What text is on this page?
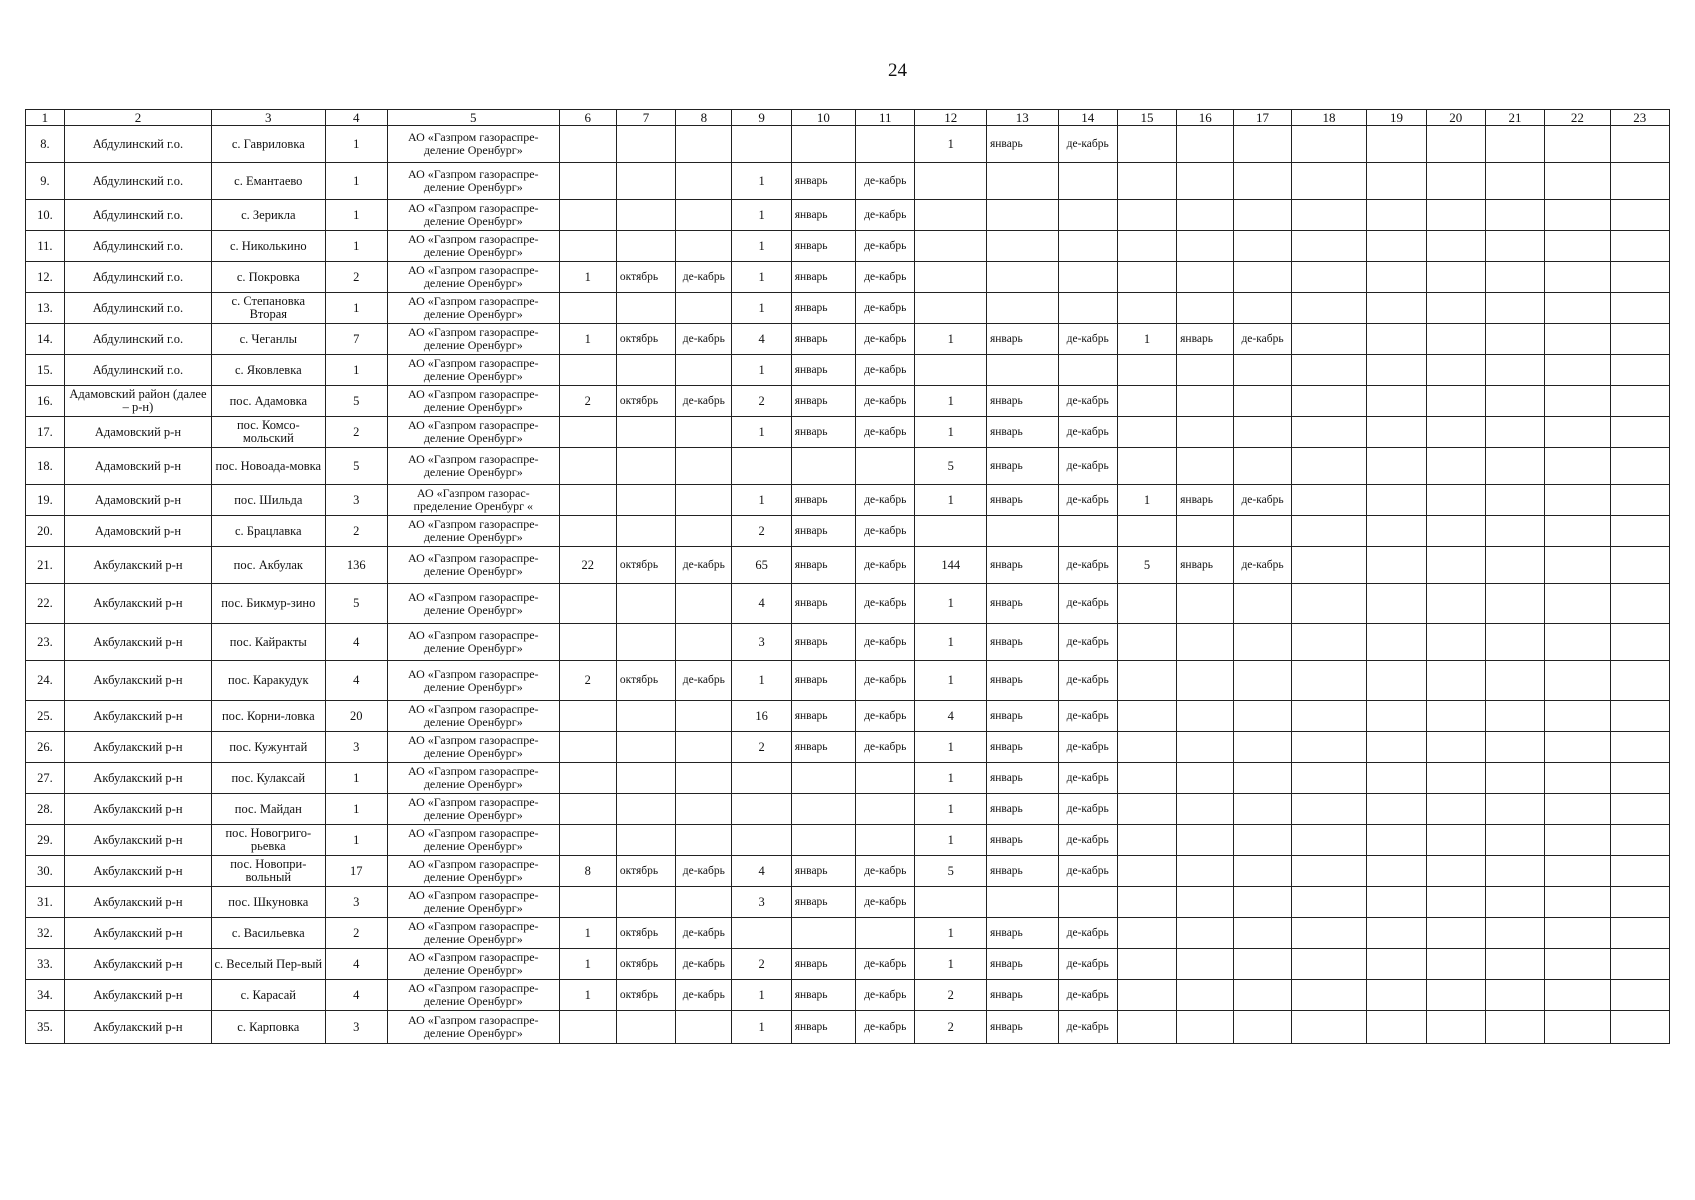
24
1	2	3	4	5	6	7	8	9	10	11	12	13	14	15	16	17	18	19	20	21	22	23
8.	Абдулинский г.о.	с. Гавриловка	1	АО «Газпром газораспре-деление Оренбург»							1	январь	де-кабрь									
9.	Абдулинский г.о.	с. Емантаево	1	АО «Газпром газораспре-деление Оренбург»				1	январь	де-кабрь												
10.	Абдулинский г.о.	с. Зерикла	1	АО «Газпром газораспре-деление Оренбург»				1	январь	де-кабрь												
11.	Абдулинский г.о.	с. Николькино	1	АО «Газпром газораспре-деление Оренбург»				1	январь	де-кабрь												
12.	Абдулинский г.о.	с. Покровка	2	АО «Газпром газораспре-деление Оренбург»	1	октябрь	де-кабрь	1	январь	де-кабрь												
13.	Абдулинский г.о.	с. Степановка Вторая	1	АО «Газпром газораспре-деление Оренбург»				1	январь	де-кабрь												
14.	Абдулинский г.о.	с. Чеганлы	7	АО «Газпром газораспре-деление Оренбург»	1	октябрь	де-кабрь	4	январь	де-кабрь	1	январь	де-кабрь	1	январь	де-кабрь						
15.	Абдулинский г.о.	с. Яковлевка	1	АО «Газпром газораспре-деление Оренбург»				1	январь	де-кабрь												
16.	Адамовский район (далее – р-н)	пос. Адамовка	5	АО «Газпром газораспре-деление Оренбург»	2	октябрь	де-кабрь	2	январь	де-кабрь	1	январь	де-кабрь									
17.	Адамовский р-н	пос. Комсо-мольский	2	АО «Газпром газораспре-деление Оренбург»				1	январь	де-кабрь	1	январь	де-кабрь									
18.	Адамовский р-н	пос. Новоада-мовка	5	АО «Газпром газораспре-деление Оренбург»							5	январь	де-кабрь									
19.	Адамовский р-н	пос. Шильда	3	АО «Газпром газорас-пределение Оренбург «				1	январь	де-кабрь	1	январь	де-кабрь	1	январь	де-кабрь						
20.	Адамовский р-н	с. Брацлавка	2	АО «Газпром газораспре-деление Оренбург»				2	январь	де-кабрь												
21.	Акбулакский р-н	пос. Акбулак	136	АО «Газпром газораспре-деление Оренбург»	22	октябрь	де-кабрь	65	январь	де-кабрь	144	январь	де-кабрь	5	январь	де-кабрь						
22.	Акбулакский р-н	пос. Бикмур-зино	5	АО «Газпром газораспре-деление Оренбург»				4	январь	де-кабрь	1	январь	де-кабрь									
23.	Акбулакский р-н	пос. Кайракты	4	АО «Газпром газораспре-деление Оренбург»				3	январь	де-кабрь	1	январь	де-кабрь									
24.	Акбулакский р-н	пос. Каракудук	4	АО «Газпром газораспре-деление Оренбург»	2	октябрь	де-кабрь	1	январь	де-кабрь	1	январь	де-кабрь									
25.	Акбулакский р-н	пос. Корни-ловка	20	АО «Газпром газораспре-деление Оренбург»				16	январь	де-кабрь	4	январь	де-кабрь									
26.	Акбулакский р-н	пос. Кужунтай	3	АО «Газпром газораспре-деление Оренбург»				2	январь	де-кабрь	1	январь	де-кабрь									
27.	Акбулакский р-н	пос. Кулаксай	1	АО «Газпром газораспре-деление Оренбург»							1	январь	де-кабрь									
28.	Акбулакский р-н	пос. Майдан	1	АО «Газпром газораспре-деление Оренбург»							1	январь	де-кабрь									
29.	Акбулакский р-н	пос. Новогриго-рьевка	1	АО «Газпром газораспре-деление Оренбург»							1	январь	де-кабрь									
30.	Акбулакский р-н	пос. Новопри-вольный	17	АО «Газпром газораспре-деление Оренбург»	8	октябрь	де-кабрь	4	январь	де-кабрь	5	январь	де-кабрь									
31.	Акбулакский р-н	пос. Шкуновка	3	АО «Газпром газораспре-деление Оренбург»				3	январь	де-кабрь												
32.	Акбулакский р-н	с. Васильевка	2	АО «Газпром газораспре-деление Оренбург»	1	октябрь	де-кабрь				1	январь	де-кабрь									
33.	Акбулакский р-н	с. Веселый Пер-вый	4	АО «Газпром газораспре-деление Оренбург»	1	октябрь	де-кабрь	2	январь	де-кабрь	1	январь	де-кабрь									
34.	Акбулакский р-н	с. Карасай	4	АО «Газпром газораспре-деление Оренбург»	1	октябрь	де-кабрь	1	январь	де-кабрь	2	январь	де-кабрь									
35.	Акбулакский р-н	с. Карповка	3	АО «Газпром газораспре-деление Оренбург»				1	январь	де-кабрь	2	январь	де-кабрь									
